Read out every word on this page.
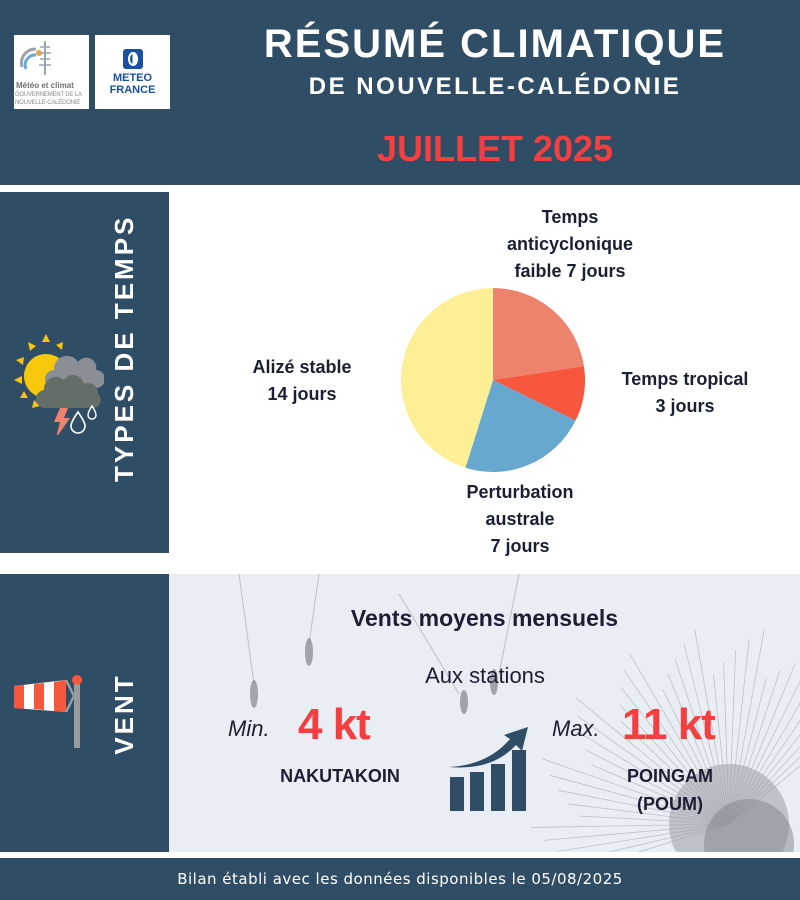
Météo et climat
GOUVERNEMENT DE LA
NOUVELLE-CALÉDONIE
METEO
FRANCE
RÉSUMÉ CLIMATIQUE
DE NOUVELLE-CALÉDONIE
JUILLET 2025
TYPES DE TEMPS	Temps
anticyclonique
faible 7 jours
Temps tropical
3 jours
Perturbation
australe
7 jours
Alizé stable
14 jours
VENT
Vents moyens mensuels
Aux stations
Min. 4 kt	Max. 11 kt
NAKUTAKOIN	POINGAM
(POUM)
Bilan établi avec les données disponibles le 05/08/2025
